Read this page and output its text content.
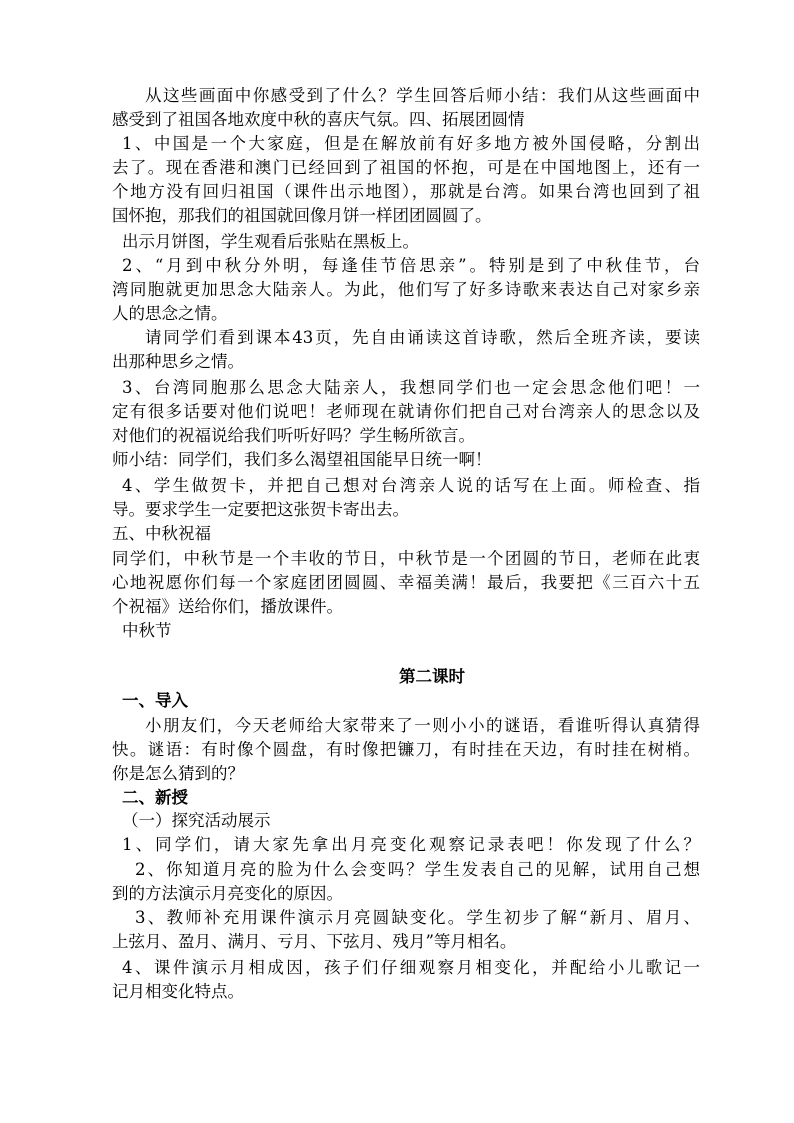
从这些画面中你感受到了什么？学生回答后师小结：我们从这些画面中
感受到了祖国各地欢度中秋的喜庆气氛。四、拓展团圆情
1、中国是一个大家庭，但是在解放前有好多地方被外国侵略，分割出
去了。现在香港和澳门已经回到了祖国的怀抱，可是在中国地图上，还有一
个地方没有回归祖国（课件出示地图），那就是台湾。如果台湾也回到了祖
国怀抱，那我们的祖国就回像月饼一样团团圆圆了。
出示月饼图，学生观看后张贴在黑板上。
2、“月到中秋分外明，每逢佳节倍思亲”。特别是到了中秋佳节，台
湾同胞就更加思念大陆亲人。为此，他们写了好多诗歌来表达自己对家乡亲
人的思念之情。
请同学们看到课本43页，先自由诵读这首诗歌，然后全班齐读，要读
出那种思乡之情。
3、台湾同胞那么思念大陆亲人，我想同学们也一定会思念他们吧！一
定有很多话要对他们说吧！老师现在就请你们把自己对台湾亲人的思念以及
对他们的祝福说给我们听听好吗？学生畅所欲言。
师小结：同学们，我们多么渴望祖国能早日统一啊！
4、学生做贺卡，并把自己想对台湾亲人说的话写在上面。师检查、指
导。要求学生一定要把这张贺卡寄出去。
五、中秋祝福
同学们，中秋节是一个丰收的节日，中秋节是一个团圆的节日，老师在此衷
心地祝愿你们每一个家庭团团圆圆、幸福美满！最后，我要把《三百六十五
个祝福》送给你们，播放课件。
中秋节
第二课时
一、导入
小朋友们，今天老师给大家带来了一则小小的谜语，看谁听得认真猜得
快。谜语：有时像个圆盘，有时像把镰刀，有时挂在天边，有时挂在树梢。
你是怎么猜到的？
二、新授
（一）探究活动展示
1、同学们，请大家先拿出月亮变化观察记录表吧！你发现了什么？
2、你知道月亮的脸为什么会变吗？学生发表自己的见解，试用自己想
到的方法演示月亮变化的原因。
3、教师补充用课件演示月亮圆缺变化。学生初步了解“新月、眉月、
上弦月、盈月、满月、亏月、下弦月、残月”等月相名。
4、课件演示月相成因，孩子们仔细观察月相变化，并配给小儿歌记一
记月相变化特点。
